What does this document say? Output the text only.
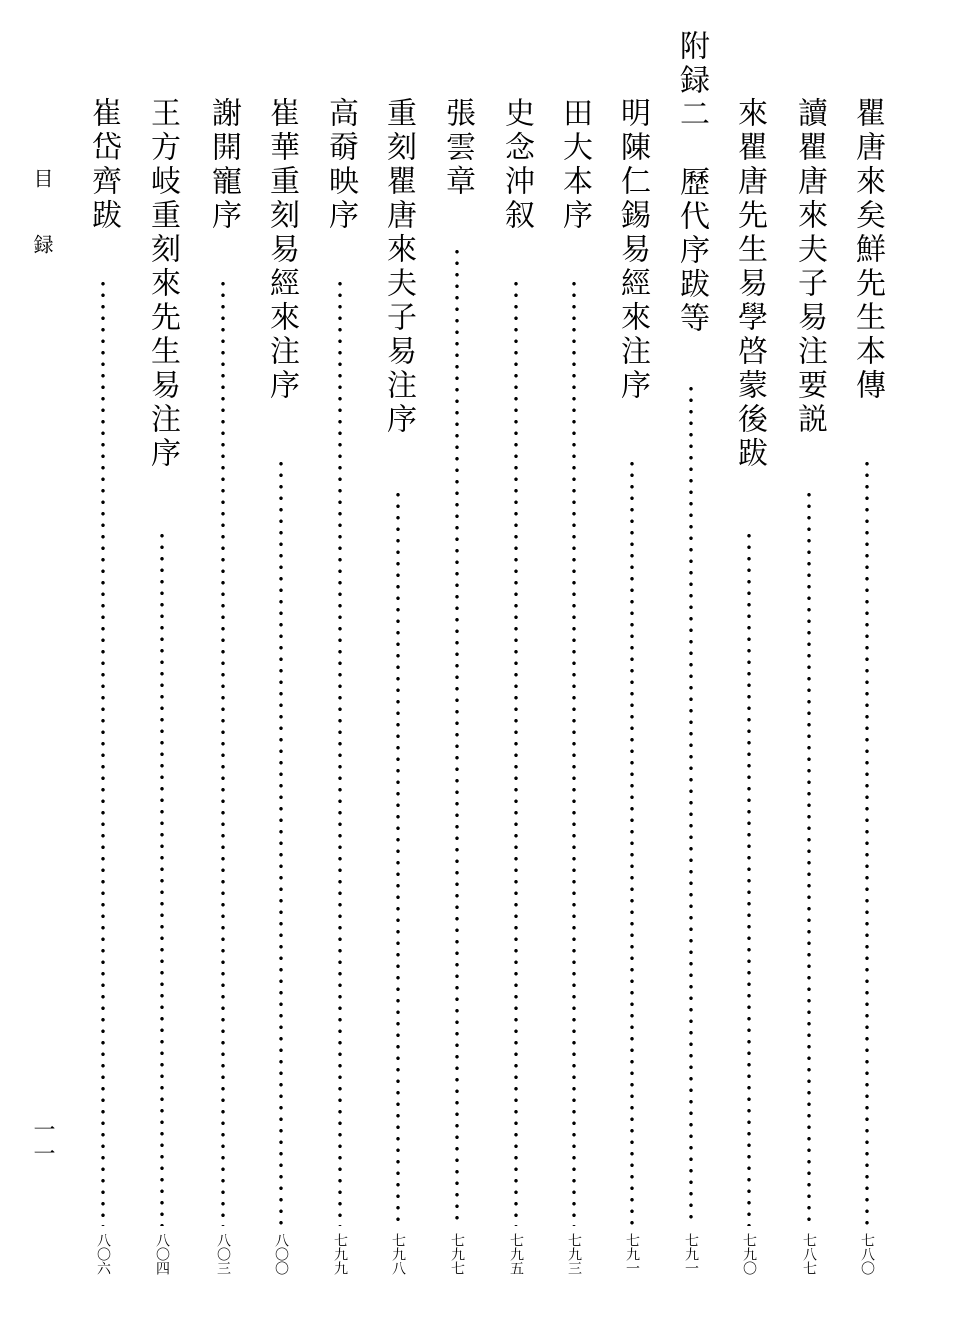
瞿唐來矣鮮先生本傳
七八〇
讀瞿唐來夫子易注要説
七八七
來瞿唐先生易學啓蒙後跋
七九〇
附録二　歷代序跋等
七九一
明陳仁錫易經來注序
七九一
田大本序
七九三
史念沖叙
七九五
張雲章
七九七
重刻瞿唐來夫子易注序
七九八
高奣映序
七九九
崔華重刻易經來注序
八〇〇
謝開寵序
八〇三
王方岐重刻來先生易注序
八〇四
崔岱齊跋
八〇六
目録
一一
